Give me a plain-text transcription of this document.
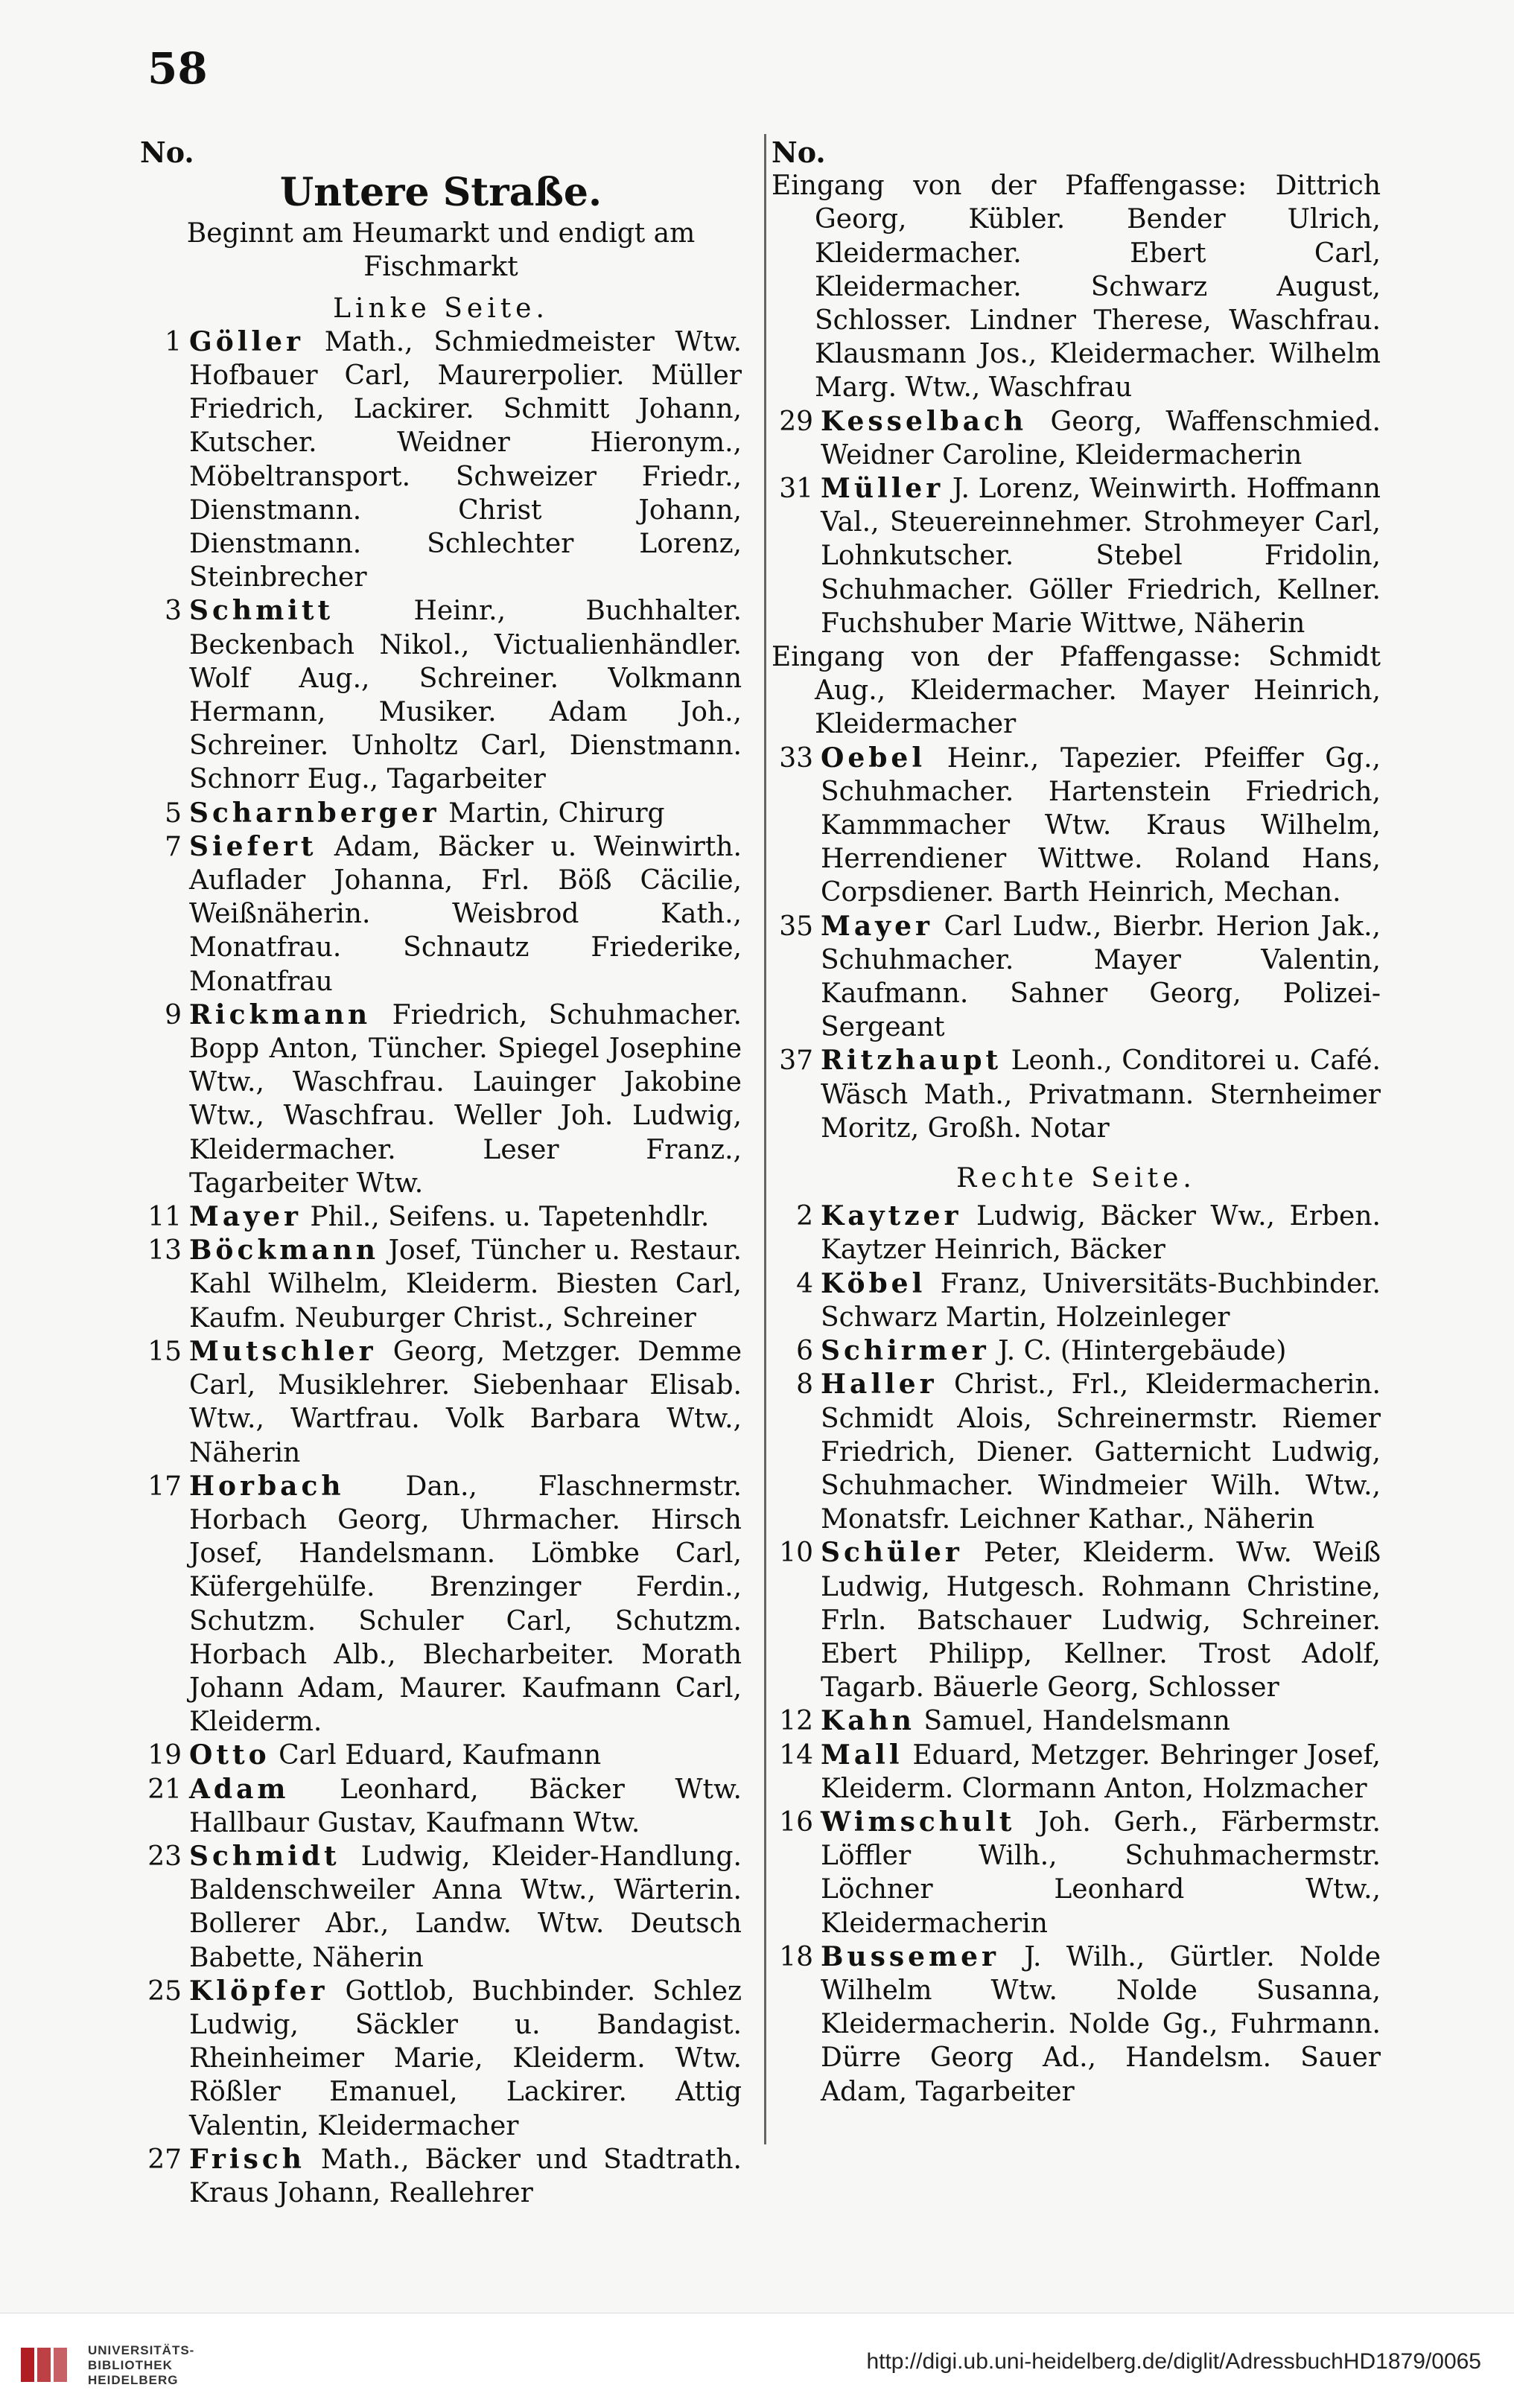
58
No.
Untere Straße.
Beginnt am Heumarkt und endigt am Fischmarkt
Linke Seite.
1 Göller Math., Schmiedmeister Wtw. Hofbauer Carl, Maurerpolier. Müller Friedrich, Lackirer. Schmitt Johann, Kutscher. Weidner Hieronym., Möbeltransport. Schweizer Friedr., Dienstmann. Christ Johann, Dienstmann. Schlechter Lorenz, Steinbrecher
3 Schmitt Heinr., Buchhalter. Beckenbach Nikol., Victualienhändler. Wolf Aug., Schreiner. Volkmann Hermann, Musiker. Adam Joh., Schreiner. Unholtz Carl, Dienstmann. Schnorr Eug., Tagarbeiter
5 Scharnberger Martin, Chirurg
7 Siefert Adam, Bäcker u. Weinwirth. Auflader Johanna, Frl. Böß Cäcilie, Weißnäherin. Weisbrod Kath., Monatfrau. Schnautz Friederike, Monatfrau
9 Rickmann Friedrich, Schuhmacher. Bopp Anton, Tüncher. Spiegel Josephine Wtw., Waschfrau. Lauinger Jakobine Wtw., Waschfrau. Weller Joh. Ludwig, Kleidermacher. Leser Franz., Tagarbeiter Wtw.
11 Mayer Phil., Seifens. u. Tapetenhdlr.
13 Böckmann Josef, Tüncher u. Restaur. Kahl Wilhelm, Kleiderm. Biesten Carl, Kaufm. Neuburger Christ., Schreiner
15 Mutschler Georg, Metzger. Demme Carl, Musiklehrer. Siebenhaar Elisab. Wtw., Wartfrau. Volk Barbara Wtw., Näherin
17 Horbach Dan., Flaschnermstr. Horbach Georg, Uhrmacher. Hirsch Josef, Handelsmann. Lömbke Carl, Küfergehülfe. Brenzinger Ferdin., Schutzm. Schuler Carl, Schutzm. Horbach Alb., Blecharbeiter. Morath Johann Adam, Maurer. Kaufmann Carl, Kleiderm.
19 Otto Carl Eduard, Kaufmann
21 Adam Leonhard, Bäcker Wtw. Hallbaur Gustav, Kaufmann Wtw.
23 Schmidt Ludwig, Kleider-Handlung. Baldenschweiler Anna Wtw., Wärterin. Bollerer Abr., Landw. Wtw. Deutsch Babette, Näherin
25 Klöpfer Gottlob, Buchbinder. Schlez Ludwig, Säckler u. Bandagist. Rheinheimer Marie, Kleiderm. Wtw. Rößler Emanuel, Lackirer. Attig Valentin, Kleidermacher
27 Frisch Math., Bäcker und Stadtrath. Kraus Johann, Reallehrer
No.
Eingang von der Pfaffengasse: Dittrich Georg, Kübler. Bender Ulrich, Kleidermacher. Ebert Carl, Kleidermacher. Schwarz August, Schlosser. Lindner Therese, Waschfrau. Klausmann Jos., Kleidermacher. Wilhelm Marg. Wtw., Waschfrau
29 Kesselbach Georg, Waffenschmied. Weidner Caroline, Kleidermacherin
31 Müller J. Lorenz, Weinwirth. Hoffmann Val., Steuereinnehmer. Strohmeyer Carl, Lohnkutscher. Stebel Fridolin, Schuhmacher. Göller Friedrich, Kellner. Fuchshuber Marie Wittwe, Näherin
Eingang von der Pfaffengasse: Schmidt Aug., Kleidermacher. Mayer Heinrich, Kleidermacher
33 Oebel Heinr., Tapezier. Pfeiffer Gg., Schuhmacher. Hartenstein Friedrich, Kammmacher Wtw. Kraus Wilhelm, Herrendiener Wittwe. Roland Hans, Corpsdiener. Barth Heinrich, Mechan.
35 Mayer Carl Ludw., Bierbr. Herion Jak., Schuhmacher. Mayer Valentin, Kaufmann. Sahner Georg, Polizei-Sergeant
37 Ritzhaupt Leonh., Conditorei u. Café. Wäsch Math., Privatmann. Sternheimer Moritz, Großh. Notar
Rechte Seite.
2 Kaytzer Ludwig, Bäcker Ww., Erben. Kaytzer Heinrich, Bäcker
4 Köbel Franz, Universitäts-Buchbinder. Schwarz Martin, Holzeinleger
6 Schirmer J. C. (Hintergebäude)
8 Haller Christ., Frl., Kleidermacherin. Schmidt Alois, Schreinermstr. Riemer Friedrich, Diener. Gatternicht Ludwig, Schuhmacher. Windmeier Wilh. Wtw., Monatsfr. Leichner Kathar., Näherin
10 Schüler Peter, Kleiderm. Ww. Weiß Ludwig, Hutgesch. Rohmann Christine, Frln. Batschauer Ludwig, Schreiner. Ebert Philipp, Kellner. Trost Adolf, Tagarb. Bäuerle Georg, Schlosser
12 Kahn Samuel, Handelsmann
14 Mall Eduard, Metzger. Behringer Josef, Kleiderm. Clormann Anton, Holzmacher
16 Wimschult Joh. Gerh., Färbermstr. Löffler Wilh., Schuhmachermstr. Löchner Leonhard Wtw., Kleidermacherin
18 Bussemer J. Wilh., Gürtler. Nolde Wilhelm Wtw. Nolde Susanna, Kleidermacherin. Nolde Gg., Fuhrmann. Dürre Georg Ad., Handelsm. Sauer Adam, Tagarbeiter
UNIVERSITÄTS-
BIBLIOTHEK
HEIDELBERG
http://digi.ub.uni-heidelberg.de/diglit/AdressbuchHD1879/0065
